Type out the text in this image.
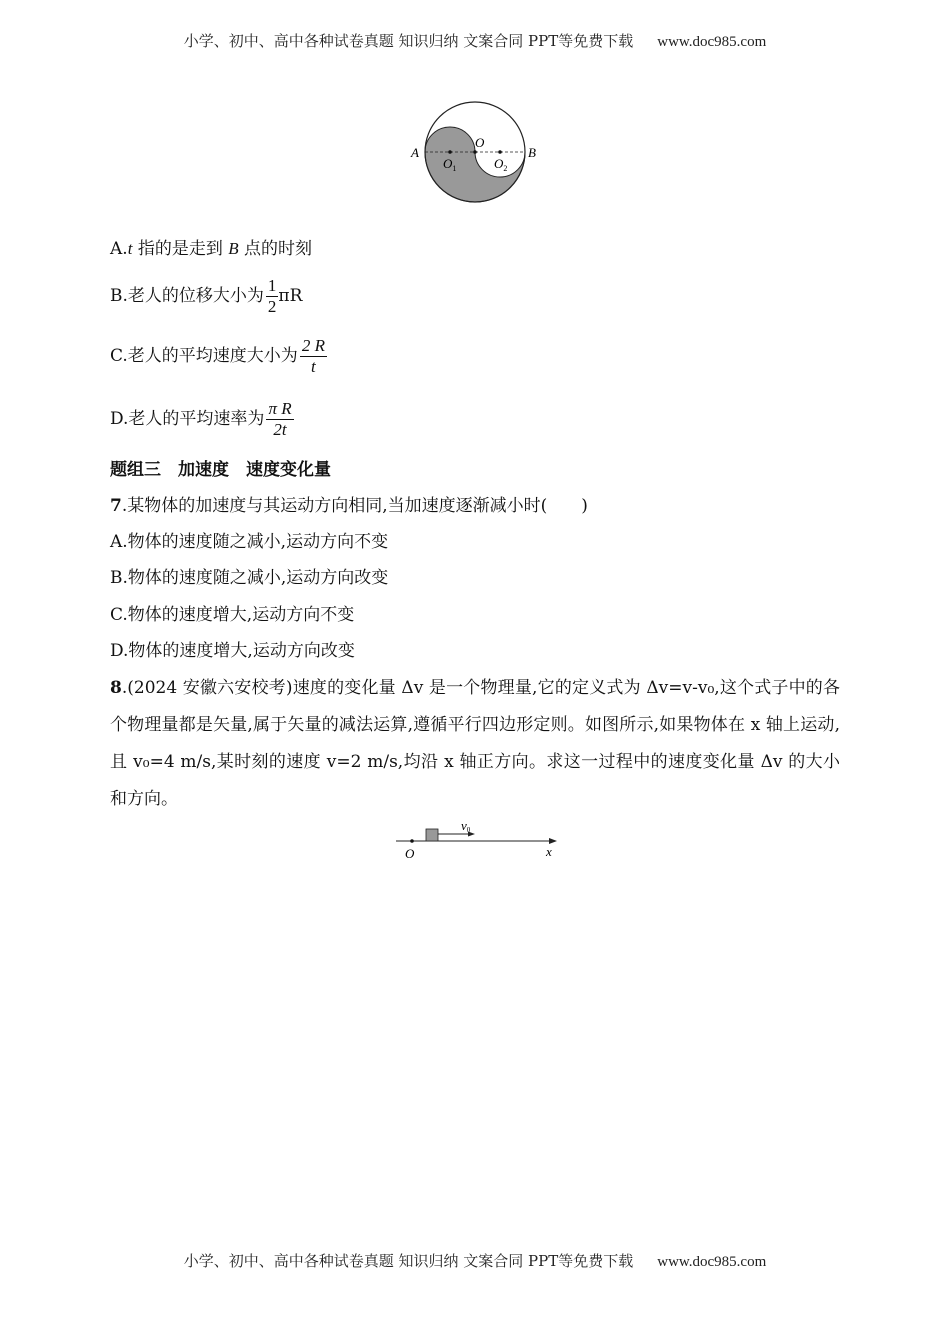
小学、初中、高中各种试卷真题 知识归纳 文案合同 PPT等免费下载 www.doc985.com
A	B
O
$O_1$	$O_2$
A.t 指的是走到 B 点的时刻
B.老人的位移大小为 $\frac{1}{2}$ πR
C.老人的平均速度大小为 $\frac{2 R}{t}$
D.老人的平均速率为 $\frac{\text{π R}}{2t}$
题组三　加速度　速度变化量
7.某物体的加速度与其运动方向相同,当加速度逐渐减小时(　　)
A.物体的速度随之减小,运动方向不变
B.物体的速度随之减小,运动方向改变
C.物体的速度增大,运动方向不变
D.物体的速度增大,运动方向改变
8.(2024 安徽六安校考)速度的变化量 Δv 是一个物理量,它的定义式为 Δv=v-v₀,这个式子中的各个物理量都是矢量,属于矢量的减法运算,遵循平行四边形定则。如图所示,如果物体在 x 轴上运动,且 v₀=4 m/s,某时刻的速度 v=2 m/s,均沿 x 轴正方向。求这一过程中的速度变化量 Δv 的大小和方向。
v0
O	x
小学、初中、高中各种试卷真题 知识归纳 文案合同 PPT等免费下载 www.doc985.com
